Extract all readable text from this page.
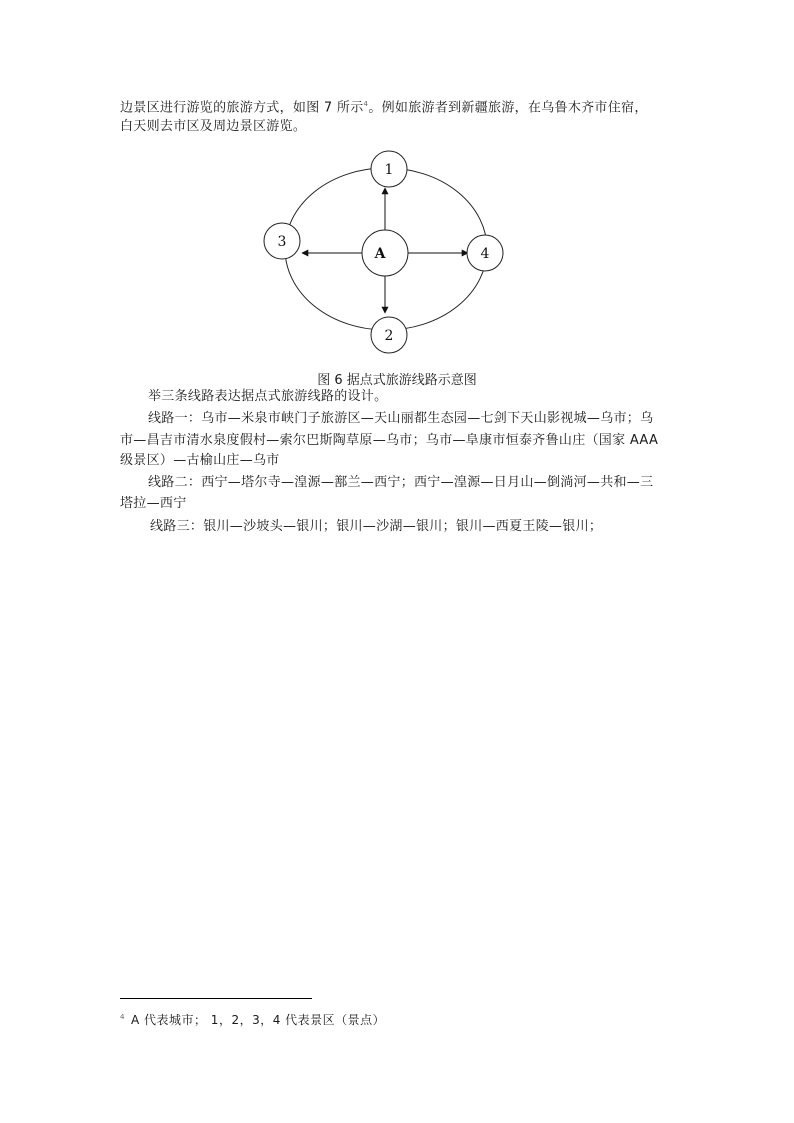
边景区进行游览的旅游方式，如图 7 所示$^4$。例如旅游者到新疆旅游，在乌鲁木齐市住宿，
白天则去市区及周边景区游览。
1
2
3
4
A
图 6 据点式旅游线路示意图
举三条线路表达据点式旅游线路的设计。
线路一：乌市—米泉市峡门子旅游区—天山丽都生态园—七剑下天山影视城—乌市；乌
市—昌吉市清水泉度假村—索尔巴斯陶草原—乌市；乌市—阜康市恒泰齐鲁山庄（国家 AAA
级景区）—古榆山庄—乌市
线路二：西宁—塔尔寺—湟源—鄯兰—西宁；西宁—湟源—日月山—倒淌河—共和—三
塔拉—西宁
线路三：银川—沙坡头—银川；银川—沙湖—银川；银川—西夏王陵—银川；
$^4$ A 代表城市； 1，2，3，4 代表景区（景点）
